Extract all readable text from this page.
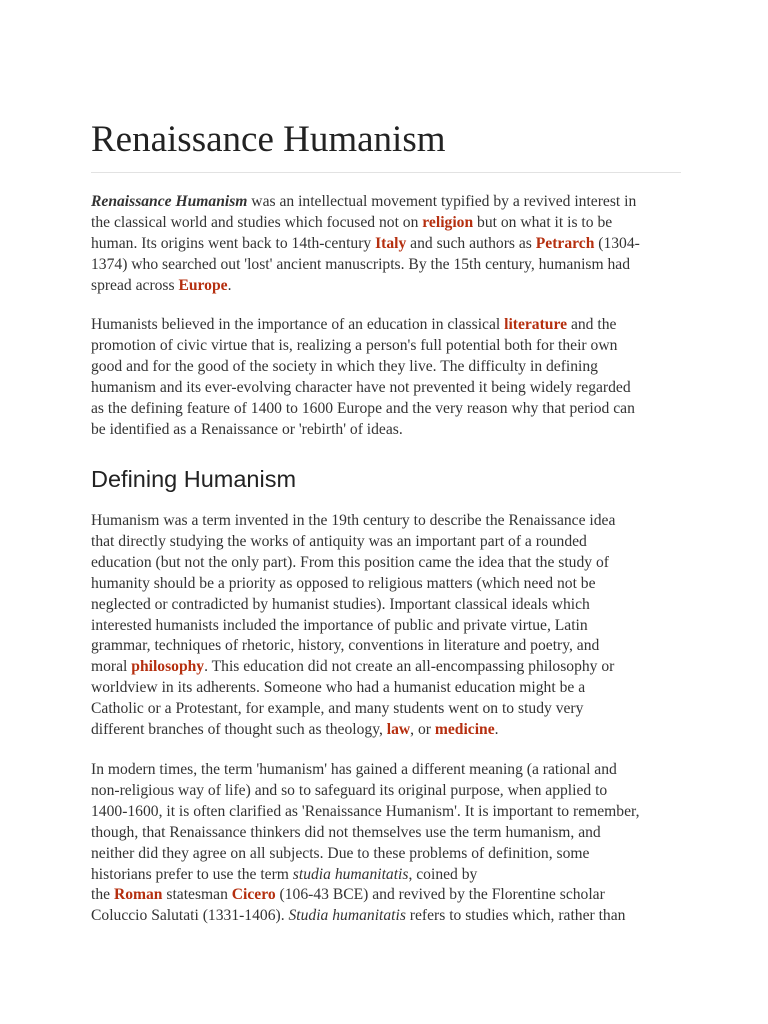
Renaissance Humanism

Renaissance Humanism was an intellectual movement typified by a revived interest in
the classical world and studies which focused not on religion but on what it is to be
human. Its origins went back to 14th-century Italy and such authors as Petrarch (1304-
1374) who searched out 'lost' ancient manuscripts. By the 15th century, humanism had
spread across Europe.

Humanists believed in the importance of an education in classical literature and the
promotion of civic virtue that is, realizing a person's full potential both for their own
good and for the good of the society in which they live. The difficulty in defining
humanism and its ever-evolving character have not prevented it being widely regarded
as the defining feature of 1400 to 1600 Europe and the very reason why that period can
be identified as a Renaissance or 'rebirth' of ideas.

Defining Humanism

Humanism was a term invented in the 19th century to describe the Renaissance idea
that directly studying the works of antiquity was an important part of a rounded
education (but not the only part). From this position came the idea that the study of
humanity should be a priority as opposed to religious matters (which need not be
neglected or contradicted by humanist studies). Important classical ideals which
interested humanists included the importance of public and private virtue, Latin
grammar, techniques of rhetoric, history, conventions in literature and poetry, and
moral philosophy. This education did not create an all-encompassing philosophy or
worldview in its adherents. Someone who had a humanist education might be a
Catholic or a Protestant, for example, and many students went on to study very
different branches of thought such as theology, law, or medicine.

In modern times, the term 'humanism' has gained a different meaning (a rational and
non-religious way of life) and so to safeguard its original purpose, when applied to
1400-1600, it is often clarified as 'Renaissance Humanism'. It is important to remember,
though, that Renaissance thinkers did not themselves use the term humanism, and
neither did they agree on all subjects. Due to these problems of definition, some
historians prefer to use the term studia humanitatis, coined by
the Roman statesman Cicero (106-43 BCE) and revived by the Florentine scholar
Coluccio Salutati (1331-1406). Studia humanitatis refers to studies which, rather than
